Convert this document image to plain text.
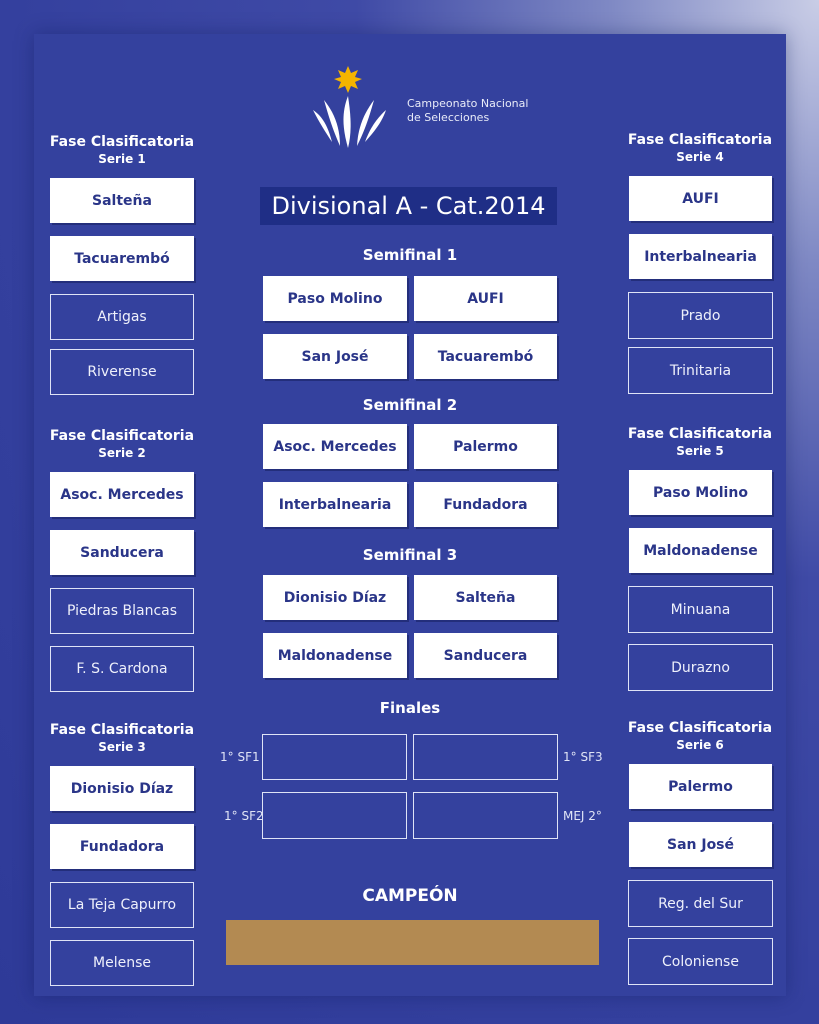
Campeonato Nacional
de Selecciones
Divisional A - Cat.2014
Fase Clasificatoria
Serie 1
Salteña
Tacuarembó
Artigas
Riverense
Fase Clasificatoria
Serie 2
Asoc. Mercedes
Sanducera
Piedras Blancas
F. S. Cardona
Fase Clasificatoria
Serie 3
Dionisio Díaz
Fundadora
La Teja Capurro
Melense
Fase Clasificatoria
Serie 4
AUFI
Interbalnearia
Prado
Trinitaria
Fase Clasificatoria
Serie 5
Paso Molino
Maldonadense
Minuana
Durazno
Fase Clasificatoria
Serie 6
Palermo
San José
Reg. del Sur
Coloniense
Semifinal 1
Paso Molino	AUFI
San José	Tacuarembó
Semifinal 2
Asoc. Mercedes	Palermo
Interbalnearia	Fundadora
Semifinal 3
Dionisio Díaz	Salteña
Maldonadense	Sanducera
Finales
1° SF1	1° SF3
1° SF2	MEJ 2°
CAMPEÓN
